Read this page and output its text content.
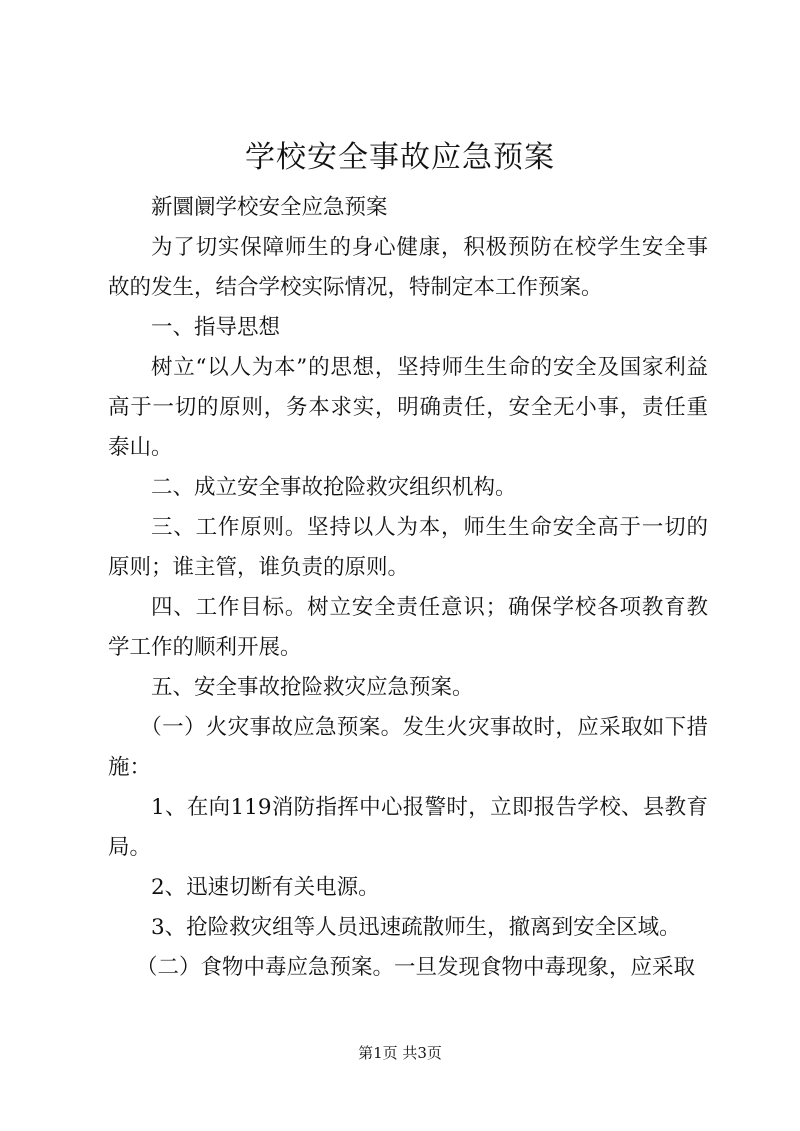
学校安全事故应急预案

新圜阛学校安全应急预案

为了切实保障师生的身心健康，积极预防在校学生安全事故的发生，结合学校实际情况，特制定本工作预案。

一、指导思想

树立“以人为本”的思想，坚持师生生命的安全及国家利益高于一切的原则，务本求实，明确责任，安全无小事，责任重泰山。

二、成立安全事故抢险救灾组织机构。

三、工作原则。坚持以人为本，师生生命安全高于一切的原则；谁主管，谁负责的原则。

四、工作目标。树立安全责任意识；确保学校各项教育教学工作的顺利开展。

五、安全事故抢险救灾应急预案。

（一）火灾事故应急预案。发生火灾事故时，应采取如下措施：

1、在向119消防指挥中心报警时，立即报告学校、县教育局。

2、迅速切断有关电源。

3、抢险救灾组等人员迅速疏散师生，撤离到安全区域。

（二）食物中毒应急预案。一旦发现食物中毒现象，应采取

第1页 共3页
